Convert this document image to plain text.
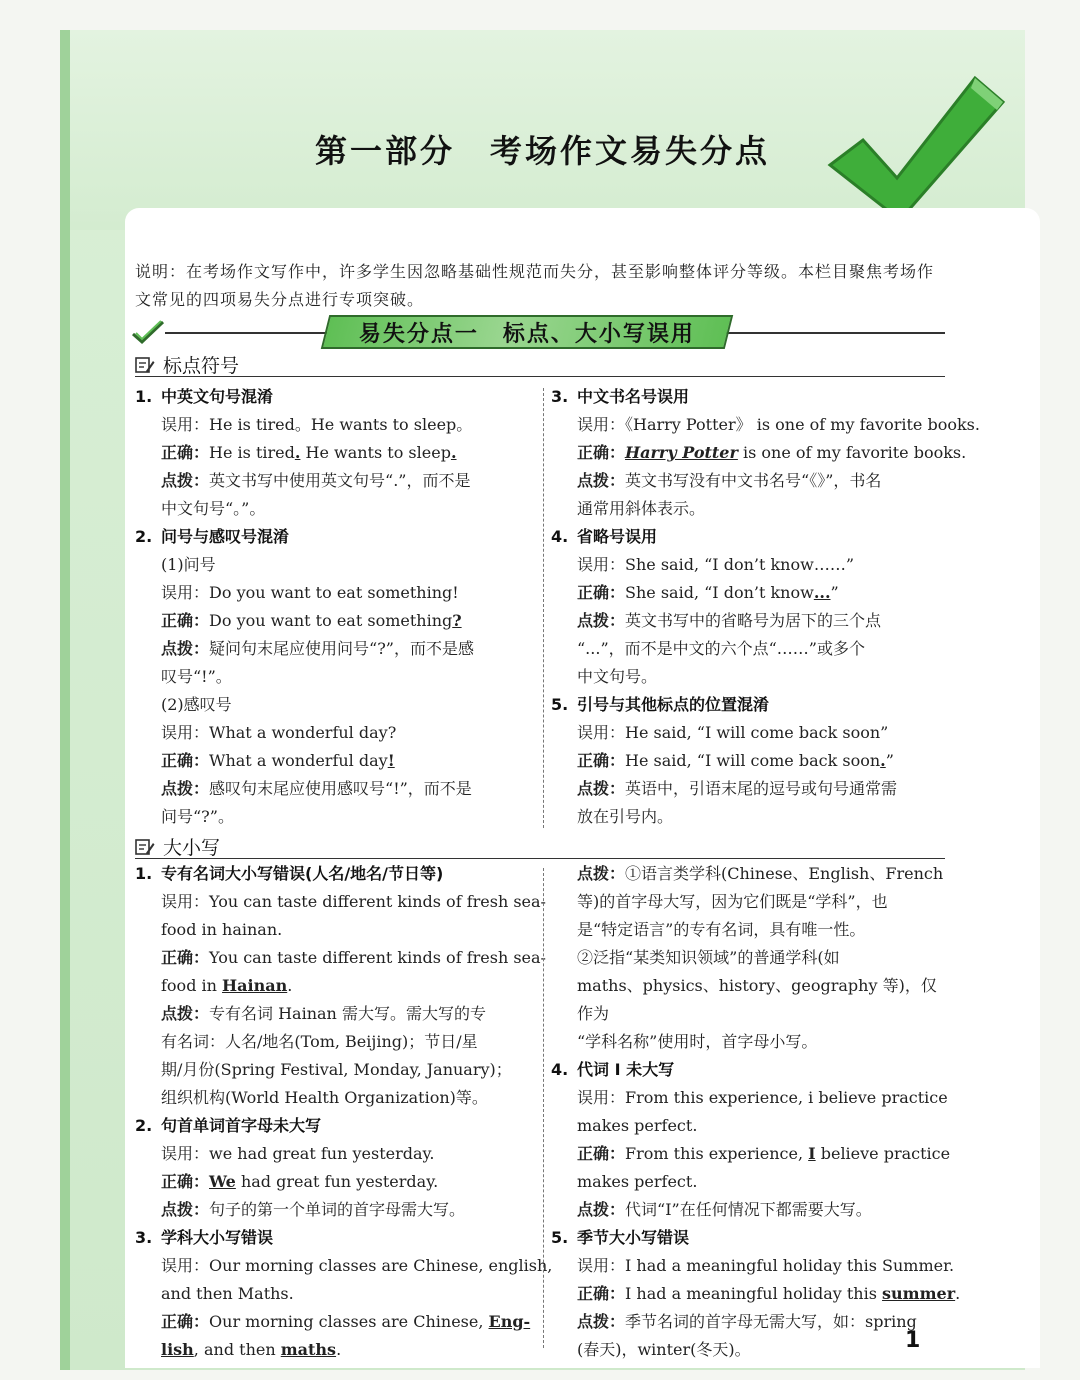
第一部分　考场作文易失分点
说明：在考场作文写作中，许多学生因忽略基础性规范而失分，甚至影响整体评分等级。本栏目聚焦考场作文常见的四项易失分点进行专项突破。
易失分点一　标点、大小写误用
标点符号
1. 中英文句号混淆
误用：He is tired。He wants to sleep。
正确：He is tired. He wants to sleep.
点拨：英文书写中使用英文句号“.”，而不是
中文句号“。”。
2. 问号与感叹号混淆
(1)问号
误用：Do you want to eat something!
正确：Do you want to eat something?
点拨：疑问句末尾应使用问号“?”，而不是感
叹号“!”。
(2)感叹号
误用：What a wonderful day?
正确：What a wonderful day!
点拨：感叹句末尾应使用感叹号“!”，而不是
问号“?”。
3. 中文书名号误用
误用：《Harry Potter》 is one of my favorite books.
正确：Harry Potter is one of my favorite books.
点拨：英文书写没有中文书名号“《》”，书名
通常用斜体表示。
4. 省略号误用
误用：She said, “I don’t know……”
正确：She said, “I don’t know...”
点拨：英文书写中的省略号为居下的三个点
“...”，而不是中文的六个点“……”或多个
中文句号。
5. 引号与其他标点的位置混淆
误用：He said, “I will come back soon”
正确：He said, “I will come back soon.”
点拨：英语中，引语末尾的逗号或句号通常需
放在引号内。
大小写
1. 专有名词大小写错误(人名/地名/节日等)
误用：You can taste different kinds of fresh sea-
food in hainan.
正确：You can taste different kinds of fresh sea-
food in Hainan.
点拨：专有名词 Hainan 需大写。需大写的专
有名词：人名/地名(Tom, Beijing)；节日/星
期/月份(Spring Festival, Monday, January)；
组织机构(World Health Organization)等。
2. 句首单词首字母未大写
误用：we had great fun yesterday.
正确：We had great fun yesterday.
点拨：句子的第一个单词的首字母需大写。
3. 学科大小写错误
误用：Our morning classes are Chinese, english,
and then Maths.
正确：Our morning classes are Chinese, Eng-
lish, and then maths.
点拨：①语言类学科(Chinese、English、French
等)的首字母大写，因为它们既是“学科”，也
是“特定语言”的专有名词，具有唯一性。
②泛指“某类知识领域”的普通学科(如
maths、physics、history、geography 等)，仅作为
“学科名称”使用时，首字母小写。
4. 代词 I 未大写
误用：From this experience, i believe practice
makes perfect.
正确：From this experience, I believe practice
makes perfect.
点拨：代词“I”在任何情况下都需要大写。
5. 季节大小写错误
误用：I had a meaningful holiday this Summer.
正确：I had a meaningful holiday this summer.
点拨：季节名词的首字母无需大写，如：spring
(春天)，winter(冬天)。	1
